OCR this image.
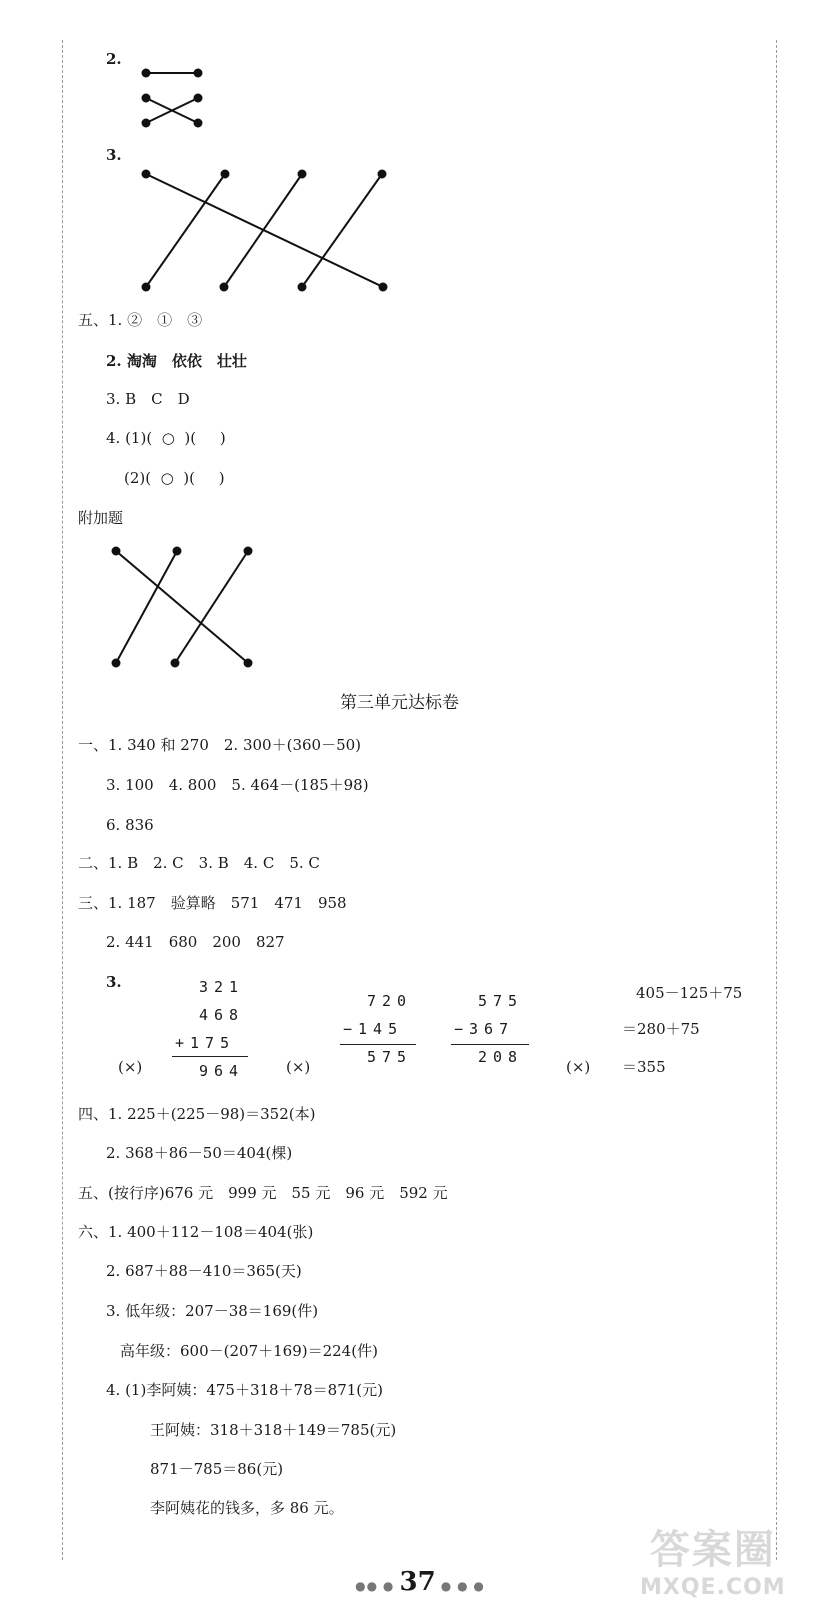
2.
3.
五、1. ②　①　③
2. 淘淘　依依　壮壮
3. B　C　D
4. (1)(  ○  )(     )
(2)(  ○  )(     )
附加题
第三单元达标卷
一、1. 340 和 270　2. 300＋(360－50)
3. 100　4. 800　5. 464－(185＋98)
6. 836
二、1. B　2. C　3. B　4. C　5. C
三、1. 187　验算略　571　471　958
2. 441　680　200　827
3.	321
468
+175
964
(×)
720
−145
575
(×)
575
−367
208
405－125＋75
＝280＋75
＝355
(×)
四、1. 225＋(225－98)＝352(本)
2. 368＋86－50＝404(棵)
五、(按行序)676 元　999 元　55 元　96 元　592 元
六、1. 400＋112－108＝404(张)
2. 687＋88－410＝365(天)
3. 低年级：207－38＝169(件)
高年级：600－(207＋169)＝224(件)
4. (1)李阿姨：475＋318＋78＝871(元)
王阿姨：318＋318＋149＝785(元)
871－785＝86(元)
李阿姨花的钱多，多 86 元。
答案圈
MXQE.COM
●● ● 37 ● ● ●
